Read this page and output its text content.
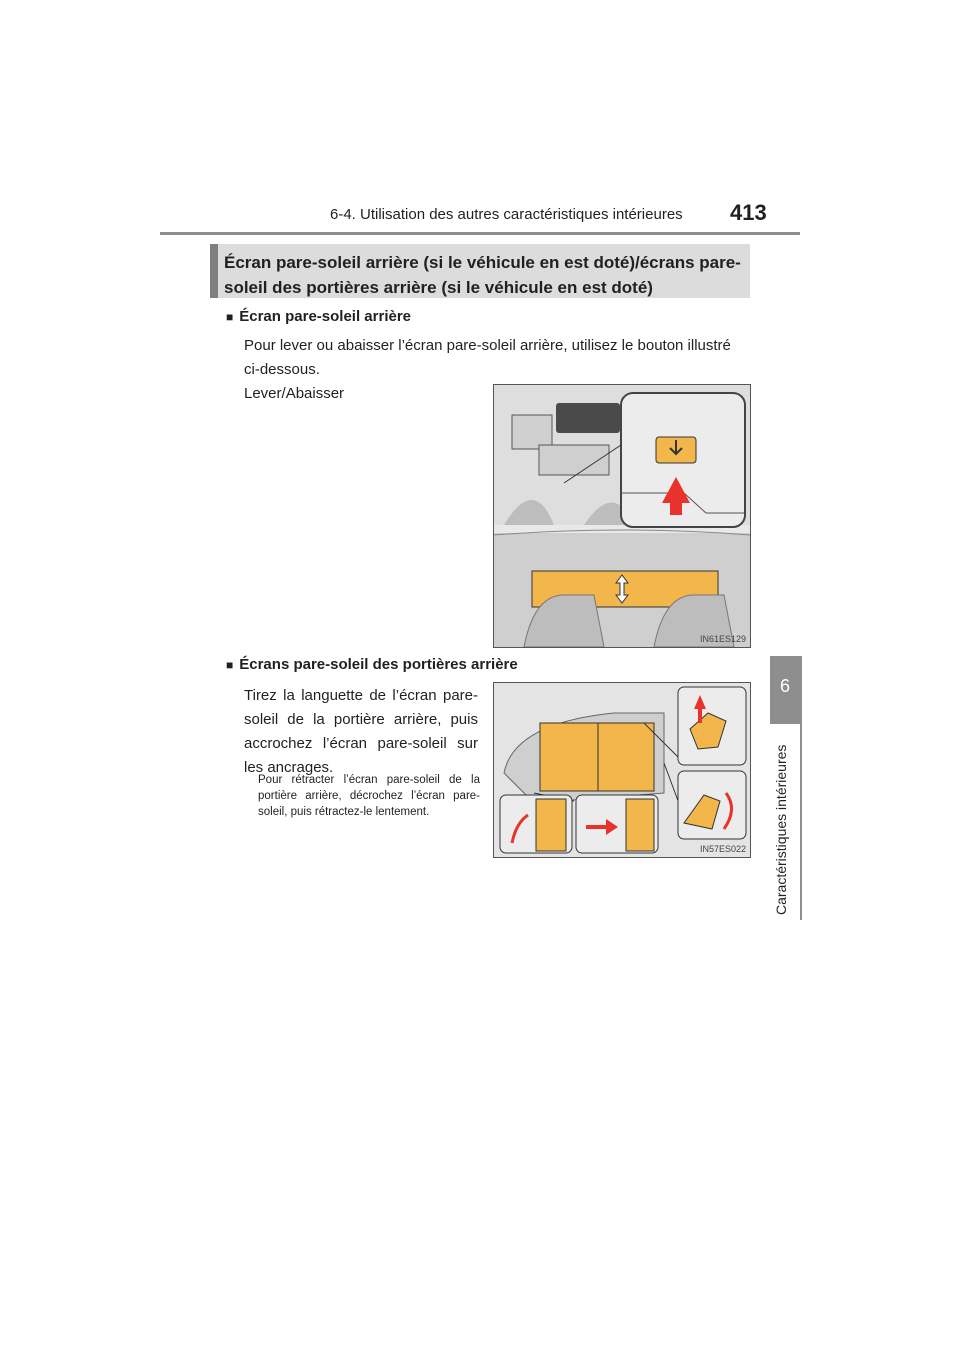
6-4. Utilisation des autres caractéristiques intérieures 413
6
Caractéristiques intérieures
Écran pare-soleil arrière (si le véhicule en est doté)/écrans pare-soleil des portières arrière (si le véhicule en est doté)
■ Écran pare-soleil arrière
Pour lever ou abaisser l’écran pare-soleil arrière, utilisez le bouton illustré ci-dessous.
Lever/Abaisser
IN61ES129
■ Écrans pare-soleil des portières arrière
Tirez la languette de l’écran pare-soleil de la portière arrière, puis accrochez l’écran pare-soleil sur les ancrages.
Pour rétracter l’écran pare-soleil de la portière arrière, décrochez l’écran pare-soleil, puis rétractez-le lentement.
IN57ES022
